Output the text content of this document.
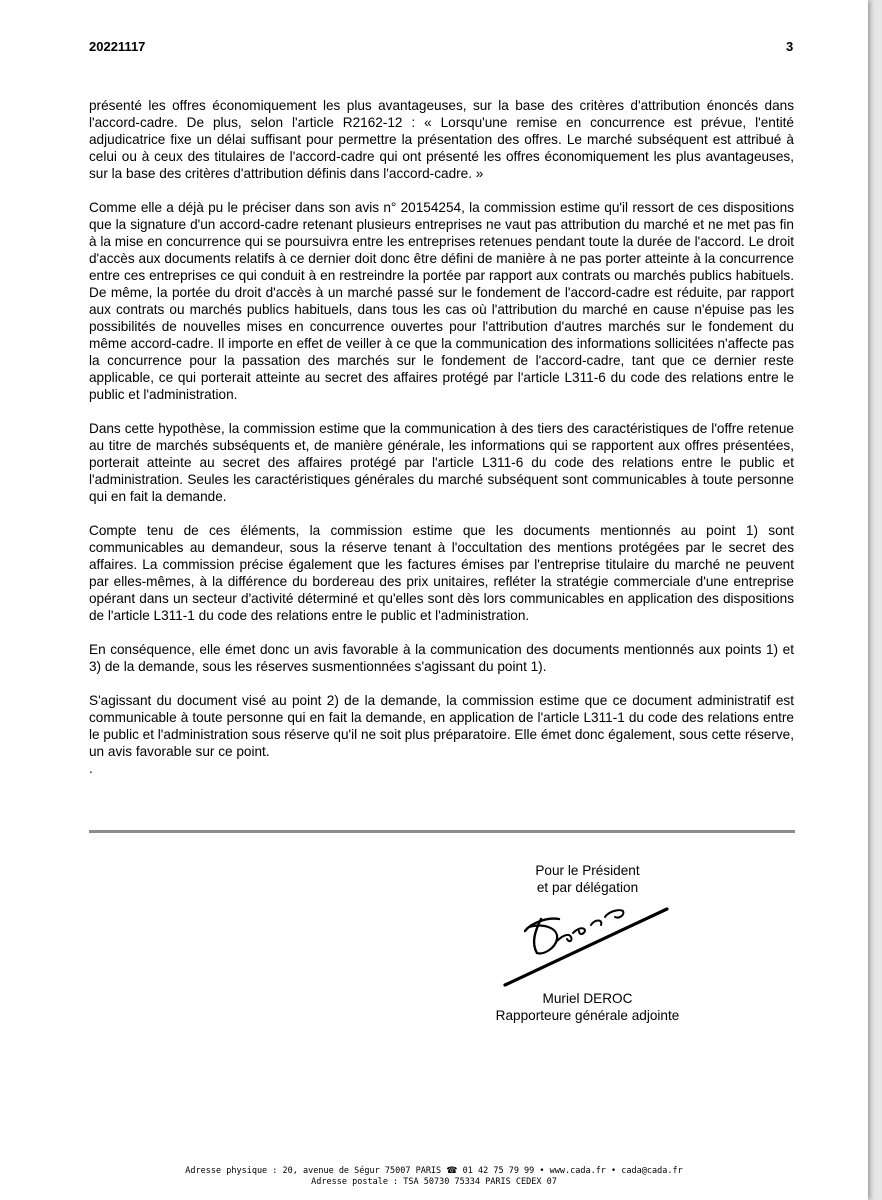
20221117	3

présenté les offres économiquement les plus avantageuses, sur la base des critères d'attribution énoncés dans l'accord-cadre. De plus, selon l'article R2162-12 : « Lorsqu'une remise en concurrence est prévue, l'entité adjudicatrice fixe un délai suffisant pour permettre la présentation des offres. Le marché subséquent est attribué à celui ou à ceux des titulaires de l'accord-cadre qui ont présenté les offres économiquement les plus avantageuses, sur la base des critères d'attribution définis dans l'accord-cadre. »

Comme elle a déjà pu le préciser dans son avis n° 20154254, la commission estime qu'il ressort de ces dispositions que la signature d'un accord-cadre retenant plusieurs entreprises ne vaut pas attribution du marché et ne met pas fin à la mise en concurrence qui se poursuivra entre les entreprises retenues pendant toute la durée de l'accord. Le droit d'accès aux documents relatifs à ce dernier doit donc être défini de manière à ne pas porter atteinte à la concurrence entre ces entreprises ce qui conduit à en restreindre la portée par rapport aux contrats ou marchés publics habituels. De même, la portée du droit d'accès à un marché passé sur le fondement de l'accord-cadre est réduite, par rapport aux contrats ou marchés publics habituels, dans tous les cas où l'attribution du marché en cause n'épuise pas les possibilités de nouvelles mises en concurrence ouvertes pour l'attribution d'autres marchés sur le fondement du même accord-cadre. Il importe en effet de veiller à ce que la communication des informations sollicitées n'affecte pas la concurrence pour la passation des marchés sur le fondement de l'accord-cadre, tant que ce dernier reste applicable, ce qui porterait atteinte au secret des affaires protégé par l'article L311-6 du code des relations entre le public et l'administration.

Dans cette hypothèse, la commission estime que la communication à des tiers des caractéristiques de l'offre retenue au titre de marchés subséquents et, de manière générale, les informations qui se rapportent aux offres présentées, porterait atteinte au secret des affaires protégé par l'article L311-6 du code des relations entre le public et l'administration. Seules les caractéristiques générales du marché subséquent sont communicables à toute personne qui en fait la demande.

Compte tenu de ces éléments, la commission estime que les documents mentionnés au point 1) sont communicables au demandeur, sous la réserve tenant à l'occultation des mentions protégées par le secret des affaires. La commission précise également que les factures émises par l'entreprise titulaire du marché ne peuvent par elles-mêmes, à la différence du bordereau des prix unitaires, refléter la stratégie commerciale d'une entreprise opérant dans un secteur d'activité déterminé et qu'elles sont dès lors communicables en application des dispositions de l'article L311-1 du code des relations entre le public et l'administration.

En conséquence, elle émet donc un avis favorable à la communication des documents mentionnés aux points 1) et 3) de la demande, sous les réserves susmentionnées s'agissant du point 1).

S'agissant du document visé au point 2) de la demande, la commission estime que ce document administratif est communicable à toute personne qui en fait la demande, en application de l'article L311-1 du code des relations entre le public et l'administration sous réserve qu'il ne soit plus préparatoire. Elle émet donc également, sous cette réserve, un avis favorable sur ce point.

.

Pour le Président
et par délégation
Muriel DEROC
Rapporteure générale adjointe
Adresse physique : 20, avenue de Ségur 75007 PARIS ☎ 01 42 75 79 99 • www.cada.fr • cada@cada.fr
Adresse postale : TSA 50730 75334 PARIS CEDEX 07
